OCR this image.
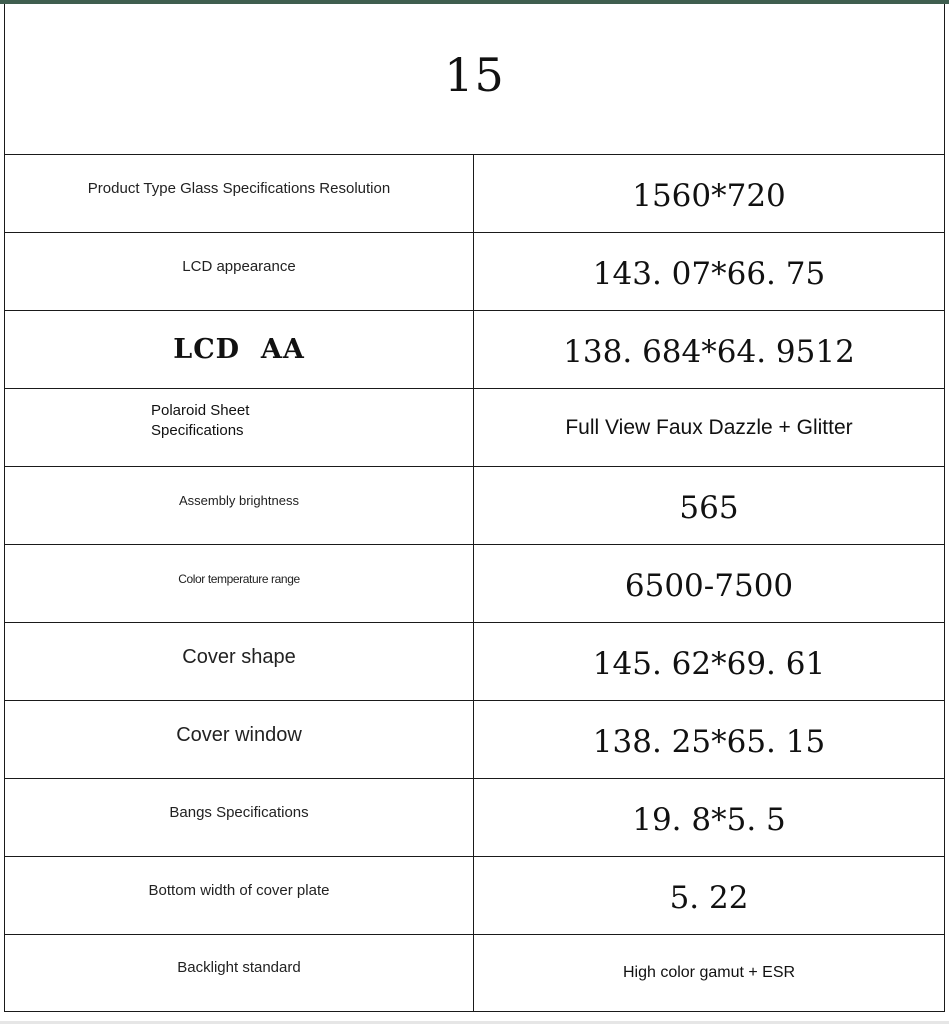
15	
Product Type Glass Specifications Resolution	1560*720
LCD appearance	143. 07*66. 75
LCD  AA	138. 684*64. 9512
Polaroid Sheet
Specifications	Full View Faux Dazzle + Glitter
$^{Assembly brightness}$	565
$^{Color temperature range}$	6500-7500
Cover shape	145. 62*69. 61
Cover window	138. 25*65. 15
Bangs Specifications	19. 8*5. 5
Bottom width of cover plate	5. 22
Backlight standard	High color gamut + ESR
